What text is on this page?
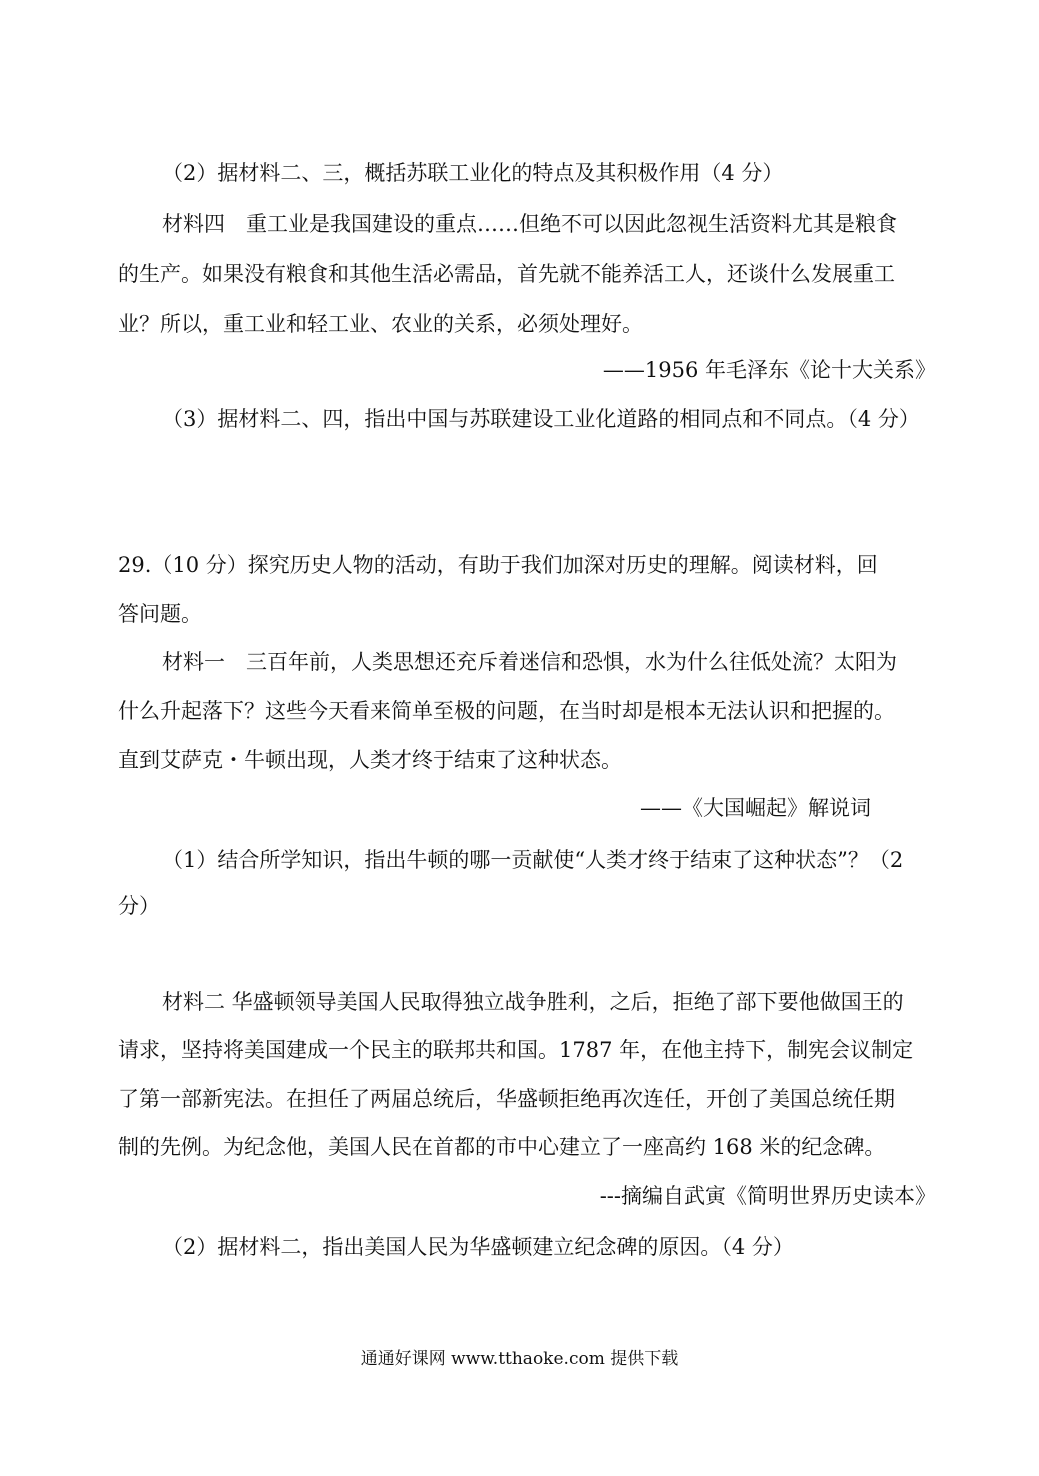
（2）据材料二、三，概括苏联工业化的特点及其积极作用（4 分）
材料四　重工业是我国建设的重点……但绝不可以因此忽视生活资料尤其是粮食
的生产。如果没有粮食和其他生活必需品，首先就不能养活工人，还谈什么发展重工
业？所以，重工业和轻工业、农业的关系，必须处理好。
——1956 年毛泽东《论十大关系》
（3）据材料二、四，指出中国与苏联建设工业化道路的相同点和不同点。（4 分）
29.（10 分）探究历史人物的活动，有助于我们加深对历史的理解。阅读材料，回
答问题。
材料一　三百年前，人类思想还充斥着迷信和恐惧，水为什么往低处流？太阳为
什么升起落下？这些今天看来简单至极的问题，在当时却是根本无法认识和把握的。
直到艾萨克・牛顿出现，人类才终于结束了这种状态。
——《大国崛起》解说词
（1）结合所学知识，指出牛顿的哪一贡献使“人类才终于结束了这种状态”？（2
分）
材料二 华盛顿领导美国人民取得独立战争胜利，之后，拒绝了部下要他做国王的
请求，坚持将美国建成一个民主的联邦共和国。1787 年，在他主持下，制宪会议制定
了第一部新宪法。在担任了两届总统后，华盛顿拒绝再次连任，开创了美国总统任期
制的先例。为纪念他，美国人民在首都的市中心建立了一座高约 168 米的纪念碑。
---摘编自武寅《简明世界历史读本》
（2）据材料二，指出美国人民为华盛顿建立纪念碑的原因。（4 分）
通通好课网 www.tthaoke.com 提供下载
